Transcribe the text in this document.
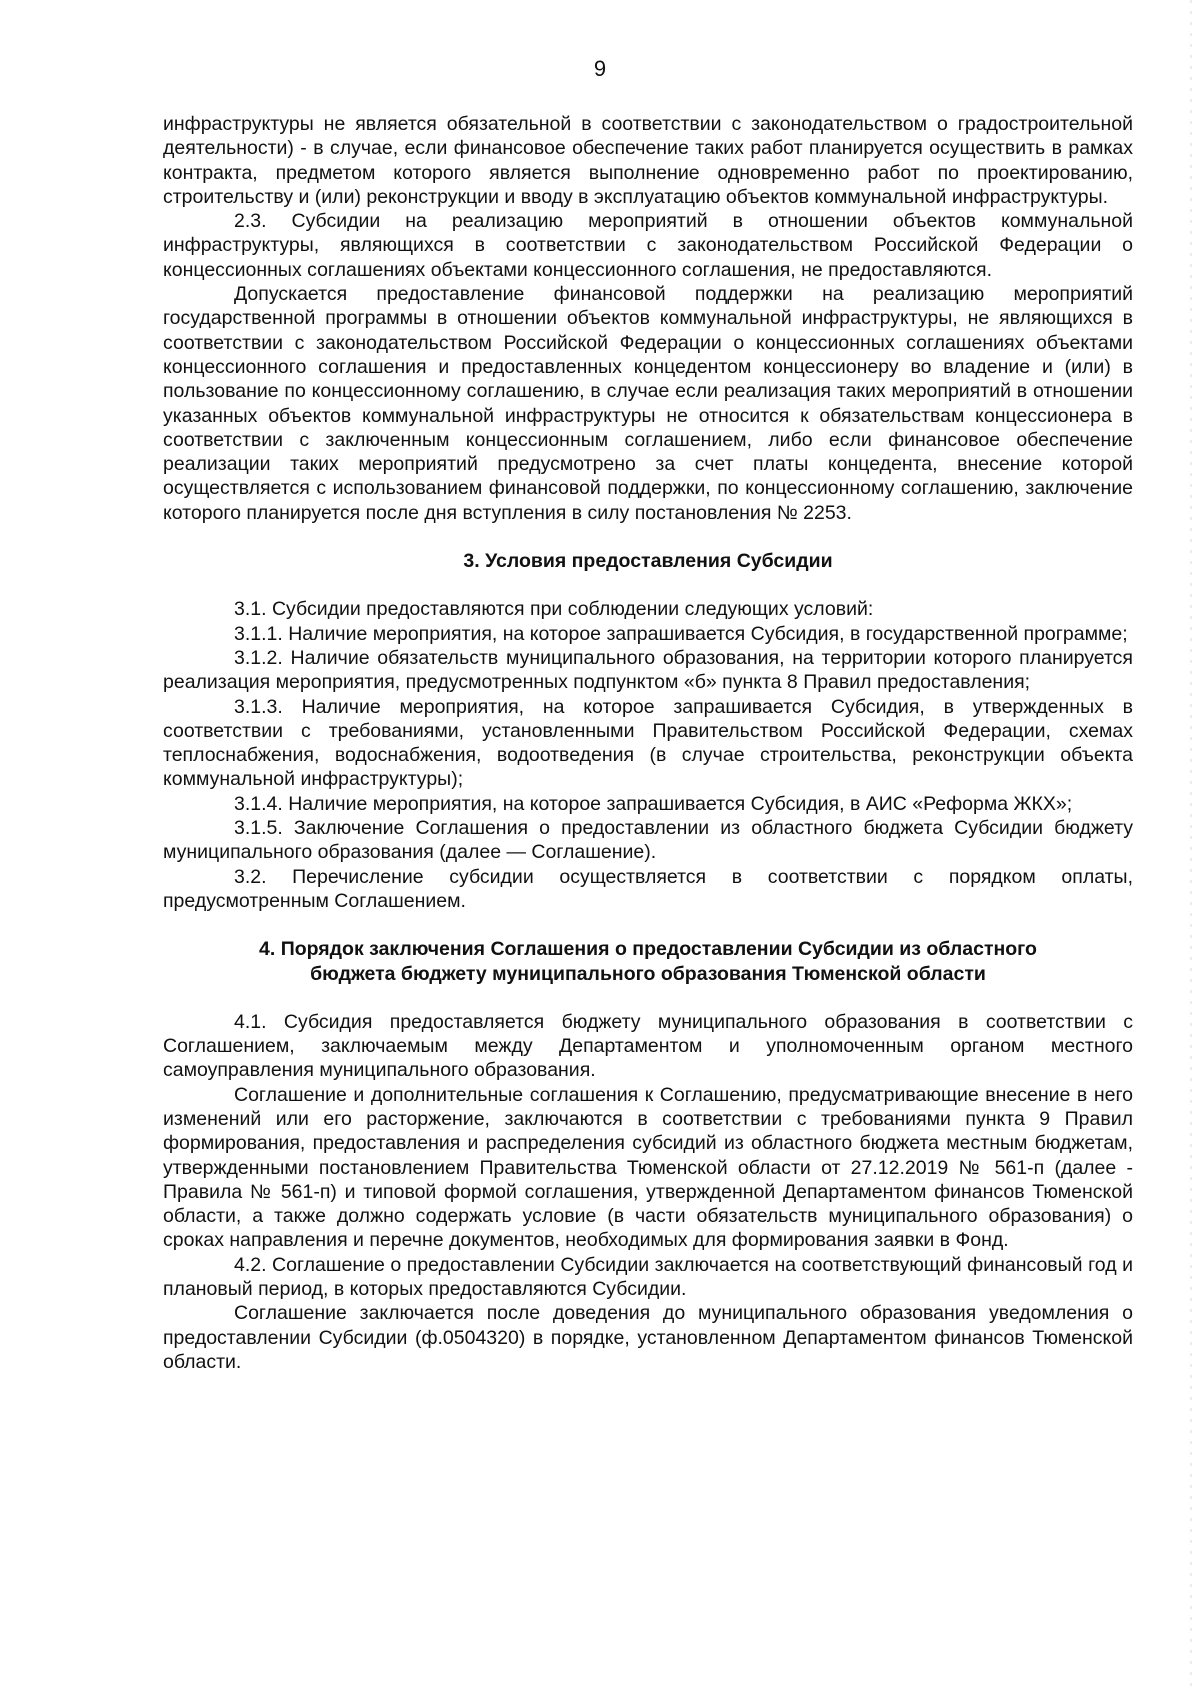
9

инфраструктуры не является обязательной в соответствии с законодательством о градостроительной деятельности) - в случае, если финансовое обеспечение таких работ планируется осуществить в рамках контракта, предметом которого является выполнение одновременно работ по проектированию, строительству и (или) реконструкции и вводу в эксплуатацию объектов коммунальной инфраструктуры.

2.3. Субсидии на реализацию мероприятий в отношении объектов коммунальной инфраструктуры, являющихся в соответствии с законодательством Российской Федерации о концессионных соглашениях объектами концессионного соглашения, не предоставляются.

Допускается предоставление финансовой поддержки на реализацию мероприятий государственной программы в отношении объектов коммунальной инфраструктуры, не являющихся в соответствии с законодательством Российской Федерации о концессионных соглашениях объектами концессионного соглашения и предоставленных концедентом концессионеру во владение и (или) в пользование по концессионному соглашению, в случае если реализация таких мероприятий в отношении указанных объектов коммунальной инфраструктуры не относится к обязательствам концессионера в соответствии с заключенным концессионным соглашением, либо если финансовое обеспечение реализации таких мероприятий предусмотрено за счет платы концедента, внесение которой осуществляется с использованием финансовой поддержки, по концессионному соглашению, заключение которого планируется после дня вступления в силу постановления № 2253.

3. Условия предоставления Субсидии

3.1. Субсидии предоставляются при соблюдении следующих условий:

3.1.1. Наличие мероприятия, на которое запрашивается Субсидия, в государственной программе;

3.1.2. Наличие обязательств муниципального образования, на территории которого планируется реализация мероприятия, предусмотренных подпунктом «б» пункта 8 Правил предоставления;

3.1.3. Наличие мероприятия, на которое запрашивается Субсидия, в утвержденных в соответствии с требованиями, установленными Правительством Российской Федерации, схемах теплоснабжения, водоснабжения, водоотведения (в случае строительства, реконструкции объекта коммунальной инфраструктуры);

3.1.4. Наличие мероприятия, на которое запрашивается Субсидия, в АИС «Реформа ЖКХ»;

3.1.5. Заключение Соглашения о предоставлении из областного бюджета Субсидии бюджету муниципального образования (далее — Соглашение).

3.2. Перечисление субсидии осуществляется в соответствии с порядком оплаты, предусмотренным Соглашением.

4. Порядок заключения Соглашения о предоставлении Субсидии из областного
бюджета бюджету муниципального образования Тюменской области

4.1. Субсидия предоставляется бюджету муниципального образования в соответствии с Соглашением, заключаемым между Департаментом и уполномоченным органом местного самоуправления муниципального образования.

Соглашение и дополнительные соглашения к Соглашению, предусматривающие внесение в него изменений или его расторжение, заключаются в соответствии с требованиями пункта 9 Правил формирования, предоставления и распределения субсидий из областного бюджета местным бюджетам, утвержденными постановлением Правительства Тюменской области от 27.12.2019 № 561-п (далее - Правила № 561-п) и типовой формой соглашения, утвержденной Департаментом финансов Тюменской области, а также должно содержать условие (в части обязательств муниципального образования) о сроках направления и перечне документов, необходимых для формирования заявки в Фонд.

4.2. Соглашение о предоставлении Субсидии заключается на соответствующий финансовый год и плановый период, в которых предоставляются Субсидии.

Соглашение заключается после доведения до муниципального образования уведомления о предоставлении Субсидии (ф.0504320) в порядке, установленном Департаментом финансов Тюменской области.
